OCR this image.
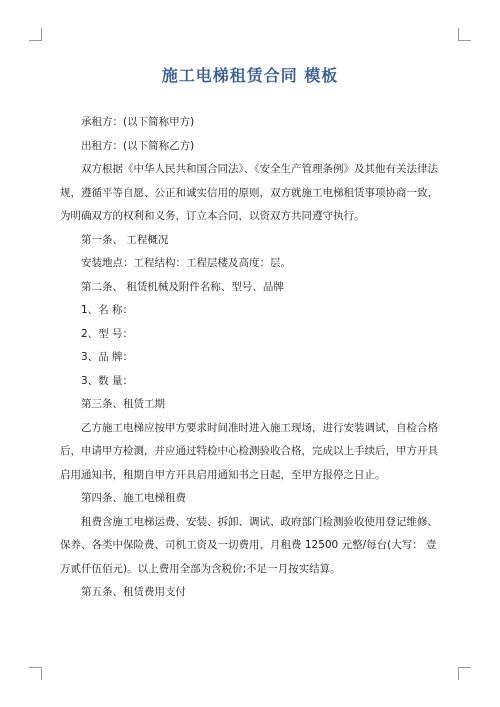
施工电梯租赁合同 模板

承租方：(以下简称甲方)

出租方：(以下简称乙方)

双方根据《中华人民共和国合同法》、《安全生产管理条例》及其他有关法律法规，遵循平等自愿、公正和诚实信用的原则，双方就施工电梯租赁事项协商一致，为明确双方的权利和义务，订立本合同，以资双方共同遵守执行。

第一条、 工程概况

安装地点：工程结构：工程层楼及高度：层。

第二条、 租赁机械及附件名称、型号、品牌

1、名 称：

2、型 号：

3、品 牌：

3、数 量：

第三条、租赁工期

乙方施工电梯应按甲方要求时间准时进入施工现场，进行安装调试，自检合格后，申请甲方检测，并应通过特检中心检测验收合格，完成以上手续后，甲方开具启用通知书，租期自甲方开具启用通知书之日起，至甲方报停之日止。

第四条、施工电梯租费

租费含施工电梯运费、安装、拆卸、调试、政府部门检测验收使用登记维修、保养、各类中保险费、司机工资及一切费用，月租费 12500 元整/每台(大写： 壹万贰仟伍佰元)。以上费用全部为含税价;不足一月按实结算。

第五条、租赁费用支付
